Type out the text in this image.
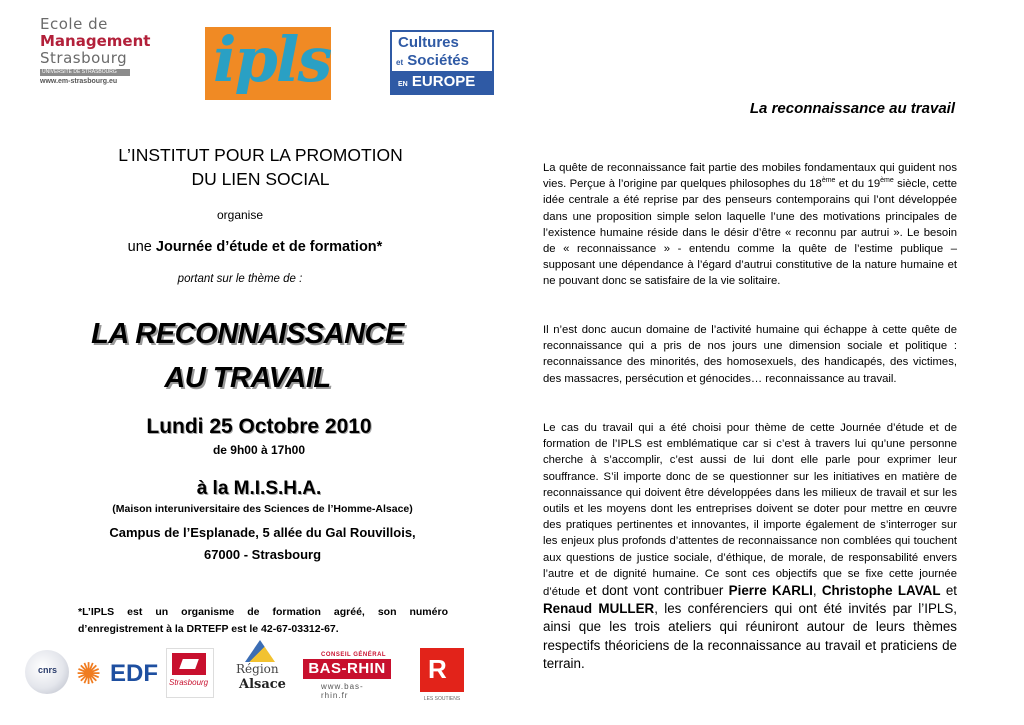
Ecole de
Management
Strasbourg
UNIVERSITÉ DE STRASBOURG
www.em-strasbourg.eu	ipls	Cultures
et Sociétés
EN EUROPE
L’INSTITUT POUR LA PROMOTION
DU LIEN SOCIAL
organise
une Journée d’étude et de formation*
portant sur le thème de :
LA RECONNAISSANCE
AU TRAVAIL
Lundi 25 Octobre 2010
de 9h00 à 17h00
à la M.I.S.H.A.
(Maison interuniversitaire des Sciences de l’Homme-Alsace)
Campus de l’Esplanade, 5 allée du Gal Rouvillois,
67000 - Strasbourg
*L’IPLS est un organisme de formation agréé, son numéro d’enregistrement à la DRTEFP est le 42-67-03312-67.
cnrs ✺ EDF Strasbourg
Région
Alsace
CONSEIL GÉNÉRAL
BAS-RHIN
www.bas-rhin.fr
R
LES SOUTIENS
La reconnaissance au travail
La quête de reconnaissance fait partie des mobiles fondamentaux qui guident nos vies. Perçue à l’origine par quelques philosophes du 18ème et du 19ème siècle, cette idée centrale a été reprise par des penseurs contemporains qui l’ont développée dans une proposition simple selon laquelle l’une des motivations principales de l’existence humaine réside dans le désir d’être « reconnu par autrui ». Le besoin de « reconnaissance » - entendu comme la quête de l’estime publique – supposant une dépendance à l’égard d’autrui constitutive de la nature humaine et ne pouvant donc se satisfaire de la vie solitaire.
Il n’est donc aucun domaine de l’activité humaine qui échappe à cette quête de reconnaissance qui a pris de nos jours une dimension sociale et politique : reconnaissance des minorités, des homosexuels, des handicapés, des victimes, des massacres, persécution et génocides… reconnaissance au travail.
Le cas du travail qui a été choisi pour thème de cette Journée d’étude et de formation de l’IPLS est emblématique car si c’est à travers lui qu’une personne cherche à s’accomplir, c’est aussi de lui dont elle parle pour exprimer leur souffrance. S’il importe donc de se questionner sur les initiatives en matière de reconnaissance qui doivent être développées dans les milieux de travail et sur les outils et les moyens dont les entreprises doivent se doter pour mettre en œuvre des pratiques pertinentes et innovantes, il importe également de s’interroger sur les enjeux plus profonds d’attentes de reconnaissance non comblées qui touchent aux questions de justice sociale, d’éthique, de morale, de responsabilité envers l’autre et de dignité humaine. Ce sont ces objectifs que se fixe cette journée d’étude et dont vont contribuer Pierre KARLI, Christophe LAVAL et Renaud MULLER, les conférenciers qui ont été invités par l’IPLS, ainsi que les trois ateliers qui réuniront autour de leurs thèmes respectifs théoriciens de la reconnaissance au travail et praticiens de terrain.
